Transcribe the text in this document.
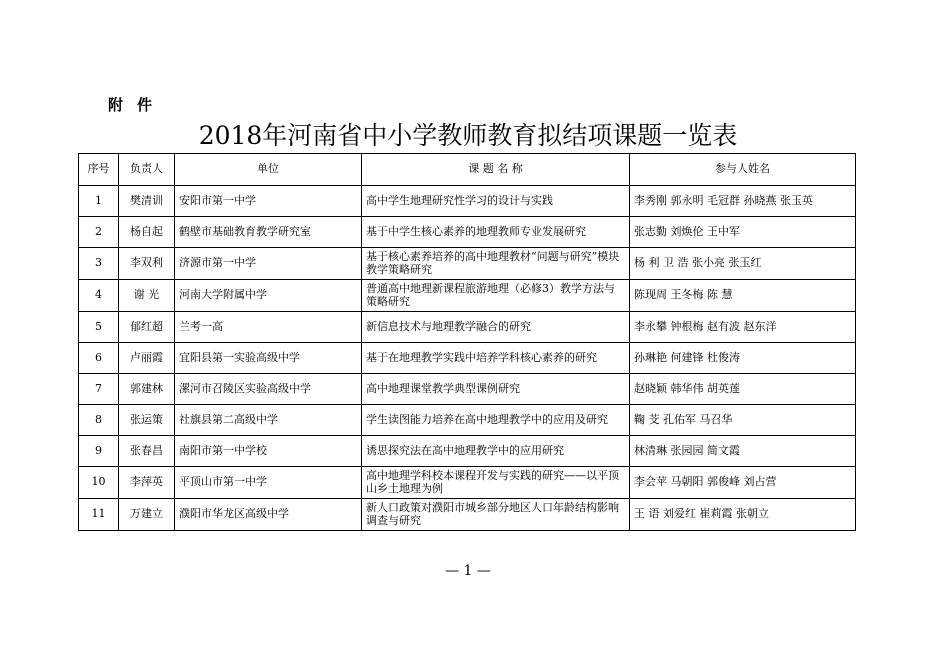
附件
2018年河南省中小学教师教育拟结项课题一览表
序号	负责人	单位	课 题 名 称	参与人姓名
1	樊清训	安阳市第一中学	高中学生地理研究性学习的设计与实践	李秀刚 郭永明 毛冠群 孙晓燕 张玉英
2	杨自起	鹤壁市基础教育教学研究室	基于中学生核心素养的地理教师专业发展研究	张志勤 刘焕伦 王中军
3	李双利	济源市第一中学	基于核心素养培养的高中地理教材“问题与研究”模块教学策略研究	杨 利 卫 浩 张小亮 张玉红
4	谢 光	河南大学附属中学	普通高中地理新课程旅游地理（必修3）教学方法与策略研究	陈现周 王冬梅 陈 慧
5	郁红超	兰考一高	新信息技术与地理教学融合的研究	李永攀 钟根梅 赵有波 赵东洋
6	卢丽霞	宜阳县第一实验高级中学	基于在地理教学实践中培养学科核心素养的研究	孙琳艳 何建锋 杜俊涛
7	郭建林	漯河市召陵区实验高级中学	高中地理课堂教学典型课例研究	赵晓颖 韩华伟 胡英莲
8	张运策	社旗县第二高级中学	学生读图能力培养在高中地理教学中的应用及研究	鞠 芠 孔佑军 马召华
9	张春昌	南阳市第一中学校	诱思探究法在高中地理教学中的应用研究	林清琳 张园园 简文霞
10	李萍英	平顶山市第一中学	高中地理学科校本课程开发与实践的研究——以平顶山乡土地理为例	李会苹 马朝阳 郭俊峰 刘占营
11	万建立	濮阳市华龙区高级中学	新人口政策对濮阳市城乡部分地区人口年龄结构影响调查与研究	王 语 刘爱红 崔莉霞 张朝立
— 1 —
